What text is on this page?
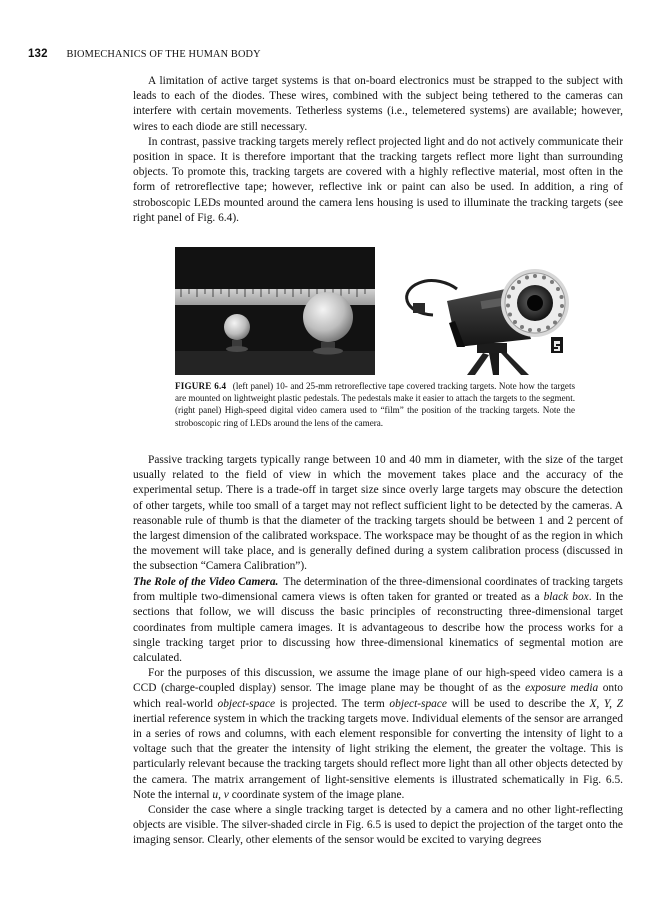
132 BIOMECHANICS OF THE HUMAN BODY

A limitation of active target systems is that on-board electronics must be strapped to the subject with leads to each of the diodes. These wires, combined with the subject being tethered to the cameras can interfere with certain movements. Tetherless systems (i.e., telemetered systems) are available; however, wires to each diode are still necessary.

In contrast, passive tracking targets merely reflect projected light and do not actively communicate their position in space. It is therefore important that the tracking targets reflect more light than surrounding objects. To promote this, tracking targets are covered with a highly reflective material, most often in the form of retroreflective tape; however, reflective ink or paint can also be used. In addition, a ring of stroboscopic LEDs mounted around the camera lens housing is used to illuminate the tracking targets (see right panel of Fig. 6.4).

FIGURE 6.4 (left panel) 10- and 25-mm retroreflective tape covered tracking targets. Note how the targets are mounted on lightweight plastic pedestals. The pedestals make it easier to attach the targets to the segment. (right panel) High-speed digital video camera used to “film” the position of the tracking targets. Note the stroboscopic ring of LEDs around the lens of the camera.

Passive tracking targets typically range between 10 and 40 mm in diameter, with the size of the target usually related to the field of view in which the movement takes place and the accuracy of the experimental setup. There is a trade-off in target size since overly large targets may obscure the detection of other targets, while too small of a target may not reflect sufficient light to be detected by the cameras. A reasonable rule of thumb is that the diameter of the tracking targets should be between 1 and 2 percent of the largest dimension of the calibrated workspace. The workspace may be thought of as the region in which the movement will take place, and is generally defined during a system calibration process (discussed in the subsection “Camera Calibration”).

The Role of the Video Camera. The determination of the three-dimensional coordinates of tracking targets from multiple two-dimensional camera views is often taken for granted or treated as a black box. In the sections that follow, we will discuss the basic principles of reconstructing three-dimensional target coordinates from multiple camera images. It is advantageous to describe how the process works for a single tracking target prior to discussing how three-dimensional kinematics of segmental motion are calculated.

For the purposes of this discussion, we assume the image plane of our high-speed video camera is a CCD (charge-coupled display) sensor. The image plane may be thought of as the exposure media onto which real-world object-space is projected. The term object-space will be used to describe the X, Y, Z inertial reference system in which the tracking targets move. Individual elements of the sensor are arranged in a series of rows and columns, with each element responsible for converting the intensity of light to a voltage such that the greater the intensity of light striking the element, the greater the voltage. This is particularly relevant because the tracking targets should reflect more light than all other objects detected by the camera. The matrix arrangement of light-sensitive elements is illustrated schematically in Fig. 6.5. Note the internal u, v coordinate system of the image plane.

Consider the case where a single tracking target is detected by a camera and no other light-reflecting objects are visible. The silver-shaded circle in Fig. 6.5 is used to depict the projection of the target onto the imaging sensor. Clearly, other elements of the sensor would be excited to varying degrees
